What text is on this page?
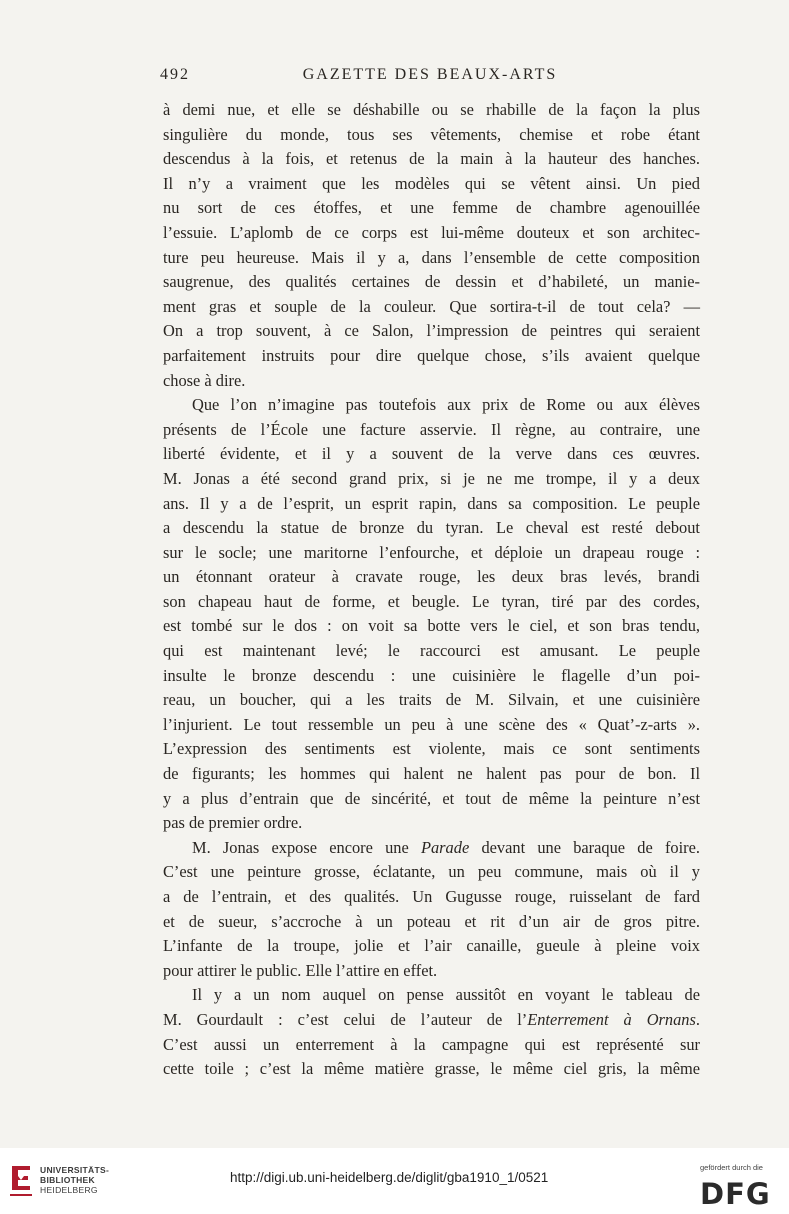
492	GAZETTE DES BEAUX-ARTS
à demi nue, et elle se déshabille ou se rhabille de la façon la plus
singulière du monde, tous ses vêtements, chemise et robe étant
descendus à la fois, et retenus de la main à la hauteur des hanches.
Il n’y a vraiment que les modèles qui se vêtent ainsi. Un pied
nu sort de ces étoffes, et une femme de chambre agenouillée
l’essuie. L’aplomb de ce corps est lui-même douteux et son architec-
ture peu heureuse. Mais il y a, dans l’ensemble de cette composition
saugrenue, des qualités certaines de dessin et d’habileté, un manie-
ment gras et souple de la couleur. Que sortira-t-il de tout cela? —
On a trop souvent, à ce Salon, l’impression de peintres qui seraient
parfaitement instruits pour dire quelque chose, s’ils avaient quelque
chose à dire.
Que l’on n’imagine pas toutefois aux prix de Rome ou aux élèves
présents de l’École une facture asservie. Il règne, au contraire, une
liberté évidente, et il y a souvent de la verve dans ces œuvres.
M. Jonas a été second grand prix, si je ne me trompe, il y a deux
ans. Il y a de l’esprit, un esprit rapin, dans sa composition. Le peuple
a descendu la statue de bronze du tyran. Le cheval est resté debout
sur le socle; une maritorne l’enfourche, et déploie un drapeau rouge :
un étonnant orateur à cravate rouge, les deux bras levés, brandi
son chapeau haut de forme, et beugle. Le tyran, tiré par des cordes,
est tombé sur le dos : on voit sa botte vers le ciel, et son bras tendu,
qui est maintenant levé; le raccourci est amusant. Le peuple
insulte le bronze descendu : une cuisinière le flagelle d’un poi-
reau, un boucher, qui a les traits de M. Silvain, et une cuisinière
l’injurient. Le tout ressemble un peu à une scène des « Quat’-z-arts ».
L’expression des sentiments est violente, mais ce sont sentiments
de figurants; les hommes qui halent ne halent pas pour de bon. Il
y a plus d’entrain que de sincérité, et tout de même la peinture n’est
pas de premier ordre.
M. Jonas expose encore une Parade devant une baraque de foire.
C’est une peinture grosse, éclatante, un peu commune, mais où il y
a de l’entrain, et des qualités. Un Gugusse rouge, ruisselant de fard
et de sueur, s’accroche à un poteau et rit d’un air de gros pitre.
L’infante de la troupe, jolie et l’air canaille, gueule à pleine voix
pour attirer le public. Elle l’attire en effet.
Il y a un nom auquel on pense aussitôt en voyant le tableau de
M. Gourdault : c’est celui de l’auteur de l’Enterrement à Ornans.
C’est aussi un enterrement à la campagne qui est représenté sur
cette toile ; c’est la même matière grasse, le même ciel gris, la même
UNIVERSITÄTS-
BIBLIOTHEK
HEIDELBERG
http://digi.ub.uni-heidelberg.de/diglit/gba1910_1/0521
gefördert durch die
DFG
